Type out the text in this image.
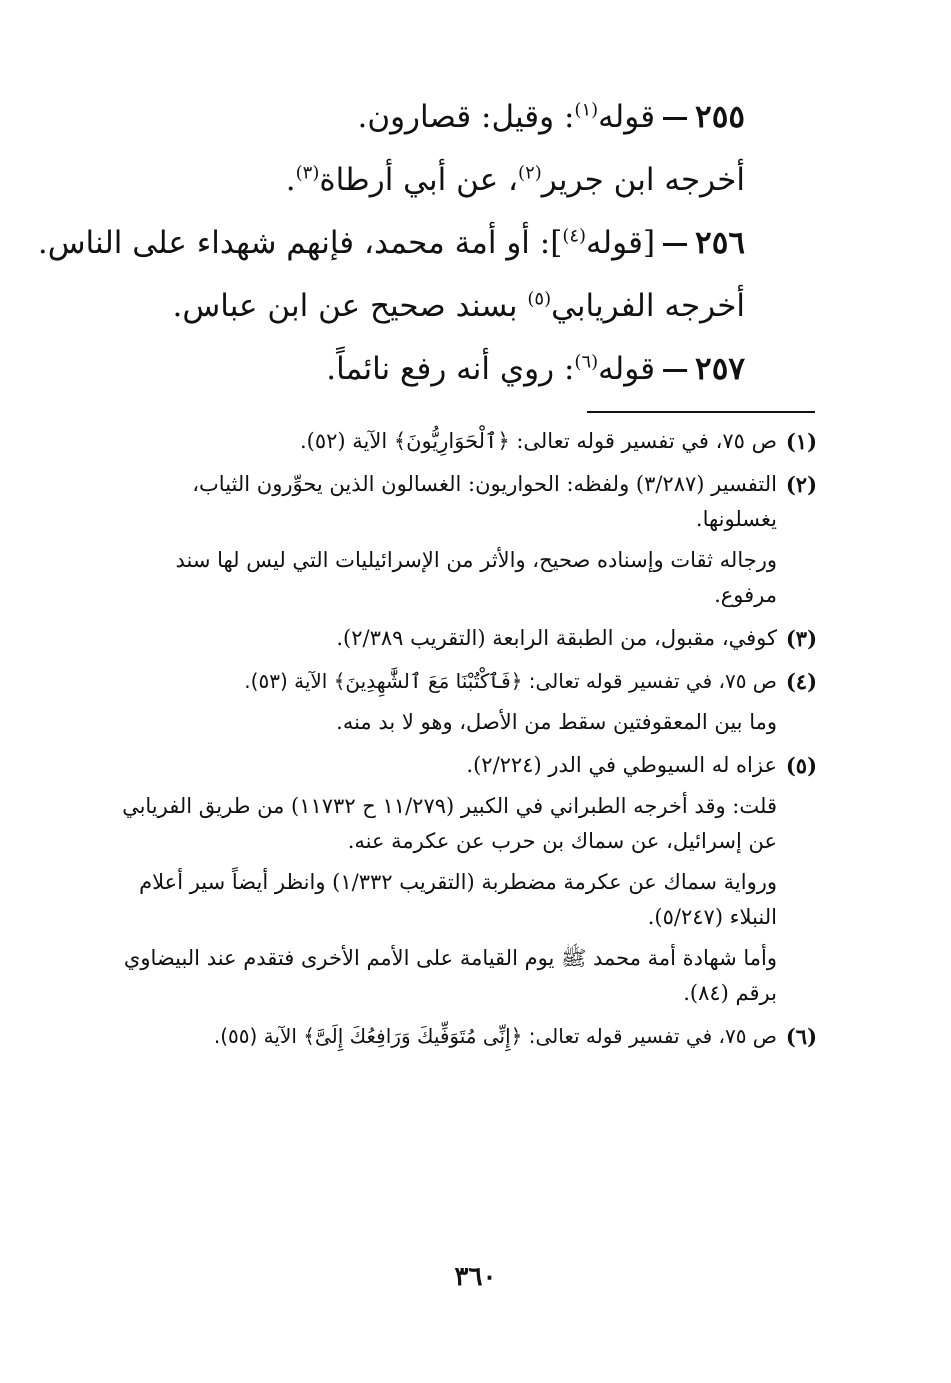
٢٥٥قوله$^{(١)}$: وقيل: قصارون.
أخرجه ابن جرير$^{(٢)}$، عن أبي أرطاة$^{(٣)}$.
٢٥٦[قوله$^{(٤)}$]: أو أمة محمد، فإنهم شهداء على الناس.
أخرجه الفريابي$^{(٥)}$ بسند صحيح عن ابن عباس.
٢٥٧قوله$^{(٦)}$: روي أنه رفع نائماً.
(١)
ص ٧٥، في تفسير قوله تعالى: ﴿ٱلْحَوَارِيُّونَ﴾ الآية (٥٢).
(٢)
التفسير (٣/٢٨٧) ولفظه: الحواريون: الغسالون الذين يحوِّرون الثياب، يغسلونها.
ورجاله ثقات وإسناده صحيح، والأثر من الإسرائيليات التي ليس لها سند مرفوع.
(٣)
كوفي، مقبول، من الطبقة الرابعة (التقريب ٢/٣٨٩).
(٤)
ص ٧٥، في تفسير قوله تعالى: ﴿فَٱكْتُبْنَا مَعَ ٱلشَّٰهِدِينَ﴾ الآية (٥٣).
وما بين المعقوفتين سقط من الأصل، وهو لا بد منه.
(٥)
عزاه له السيوطي في الدر (٢/٢٢٤).
قلت: وقد أخرجه الطبراني في الكبير (١١/٢٧٩ ح ١١٧٣٢) من طريق الفريابي عن إسرائيل، عن سماك بن حرب عن عكرمة عنه.
ورواية سماك عن عكرمة مضطربة (التقريب ١/٣٣٢) وانظر أيضاً سير أعلام النبلاء (٥/٢٤٧).
وأما شهادة أمة محمد ﷺ يوم القيامة على الأمم الأخرى فتقدم عند البيضاوي برقم (٨٤).
(٦)
ص ٧٥، في تفسير قوله تعالى: ﴿إِنِّى مُتَوَفِّيكَ وَرَافِعُكَ إِلَىَّ﴾ الآية (٥٥).
٣٦٠
